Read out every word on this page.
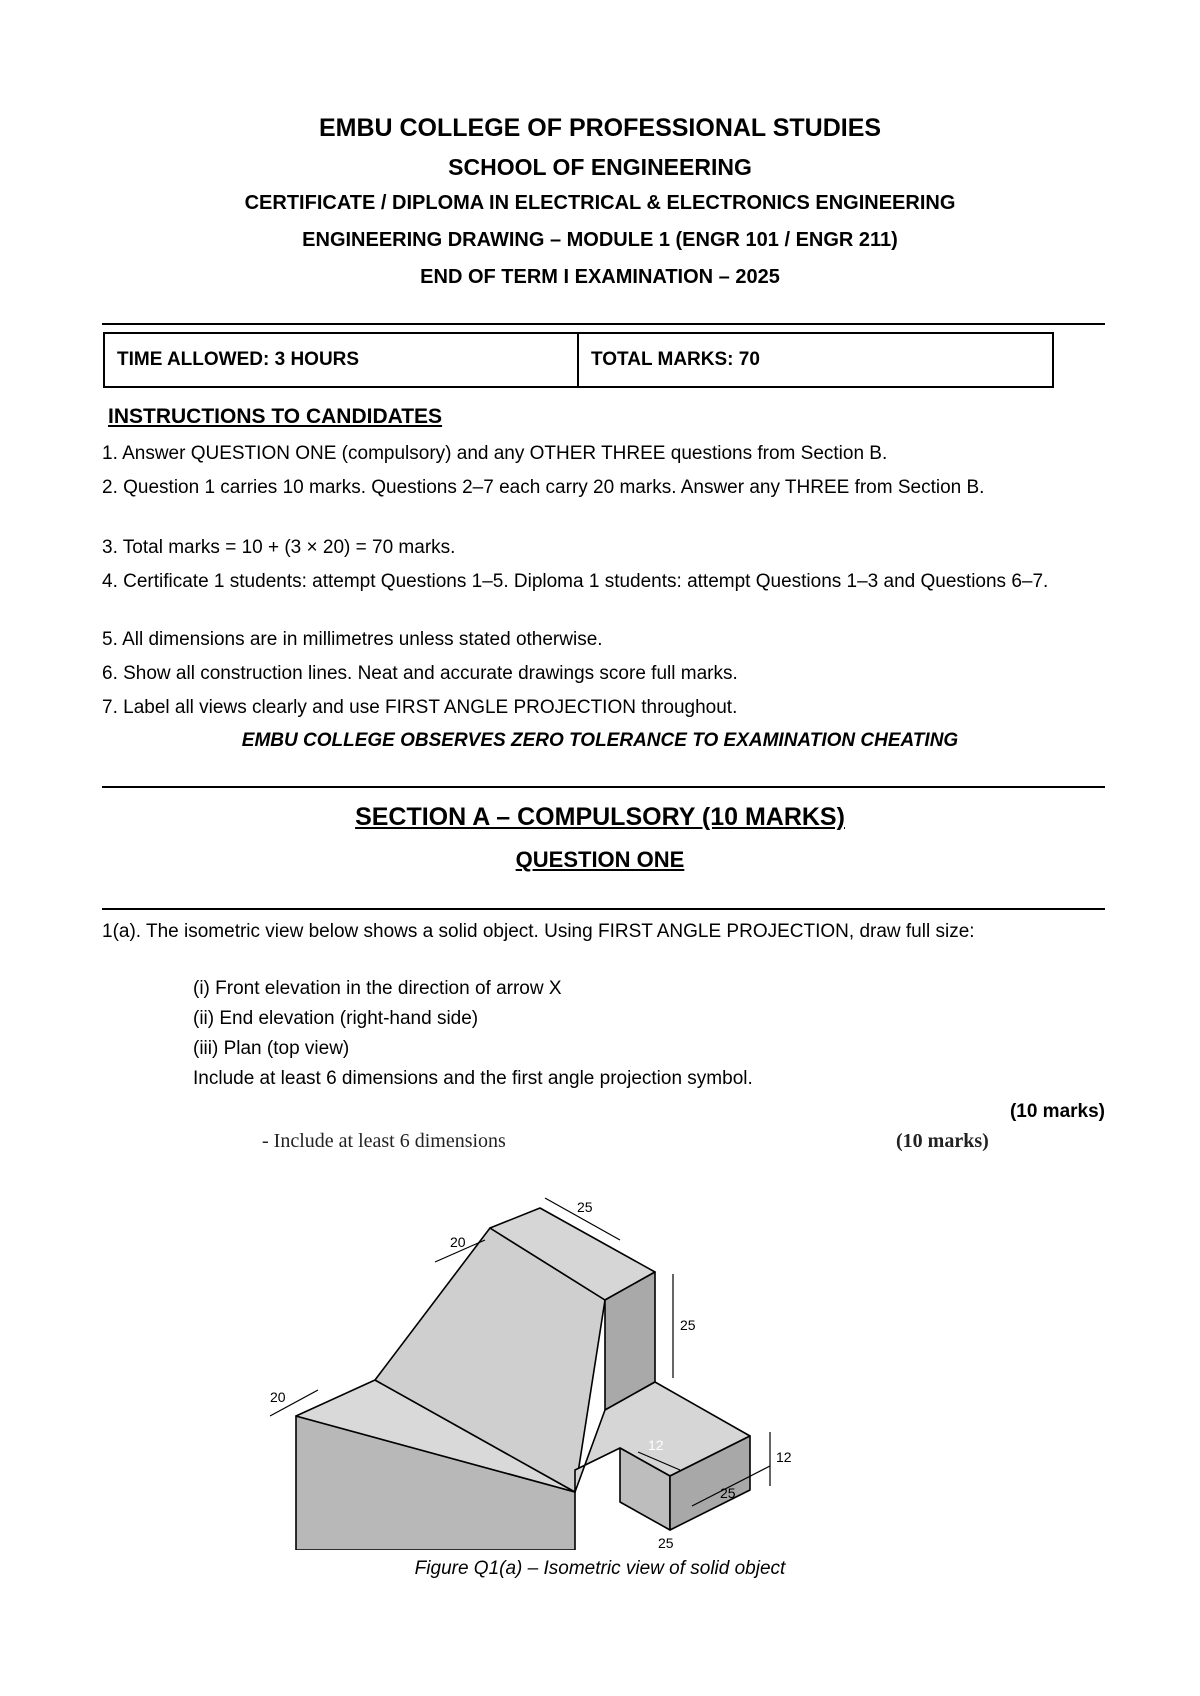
EMBU COLLEGE OF PROFESSIONAL STUDIES
SCHOOL OF ENGINEERING
CERTIFICATE / DIPLOMA IN ELECTRICAL & ELECTRONICS ENGINEERING
ENGINEERING DRAWING – MODULE 1 (ENGR 101 / ENGR 211)
END OF TERM I EXAMINATION – 2025
TIME ALLOWED: 3 HOURS	TOTAL MARKS: 70
INSTRUCTIONS TO CANDIDATES
1. Answer QUESTION ONE (compulsory) and any OTHER THREE questions from Section B.
2. Question 1 carries 10 marks. Questions 2–7 each carry 20 marks. Answer any THREE from Section B.
3. Total marks = 10 + (3 × 20) = 70 marks.
4. Certificate 1 students: attempt Questions 1–5. Diploma 1 students: attempt Questions 1–3 and Questions 6–7.
5. All dimensions are in millimetres unless stated otherwise.
6. Show all construction lines. Neat and accurate drawings score full marks.
7. Label all views clearly and use FIRST ANGLE PROJECTION throughout.
EMBU COLLEGE OBSERVES ZERO TOLERANCE TO EXAMINATION CHEATING
SECTION A – COMPULSORY (10 MARKS)
QUESTION ONE
1(a). The isometric view below shows a solid object. Using FIRST ANGLE PROJECTION, draw full size:
(i) Front elevation in the direction of arrow X
(ii) End elevation (right-hand side)
(iii) Plan (top view)
Include at least 6 dimensions and the first angle projection symbol.
(10 marks)
- Include at least 6 dimensions	(10 marks)
20
25
25
20
12
12
25
25
Figure Q1(a) – Isometric view of solid object
